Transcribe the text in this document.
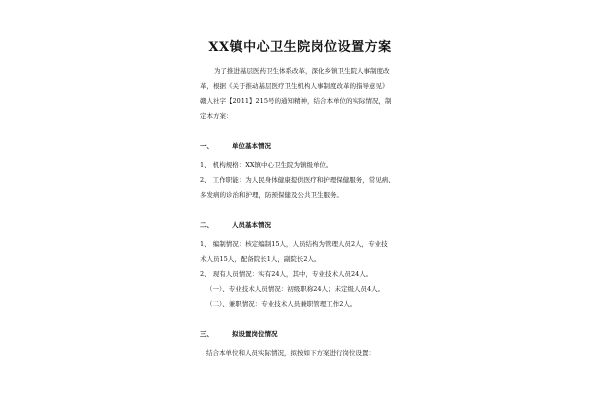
XX镇中心卫生院岗位设置方案

为了推进基层医药卫生体系改革，深化乡镇卫生院人事制度改

革，根据《关于推动基层医疗卫生机构人事制度改革的指导意见》

赣人社字【2011】215号的通知精神，结合本单位的实际情况，制

定本方案：

一、	单位基本情况

1、 机构规格：XX镇中心卫生院为镇级单位。

2、 工作职能：为人民身体健康提供医疗和护理保健服务，常见病、

多发病的诊治和护理，防预保健及公共卫生服务。

二、	人员基本情况

1、 编制情况：核定编制15人，人员结构为管理人员2人，专业技

术人员15人，配备院长1人，副院长2人。

2、 现有人员情况：实有24人，其中，专业技术人员24人。

（一）、专业技术人员情况：初级职称24人；未定级人员4人。

（二）、兼职情况：专业技术人员兼职管理工作2人。

三、	拟设置岗位情况

结合本单位和人员实际情况，拟按如下方案进行岗位设置：
